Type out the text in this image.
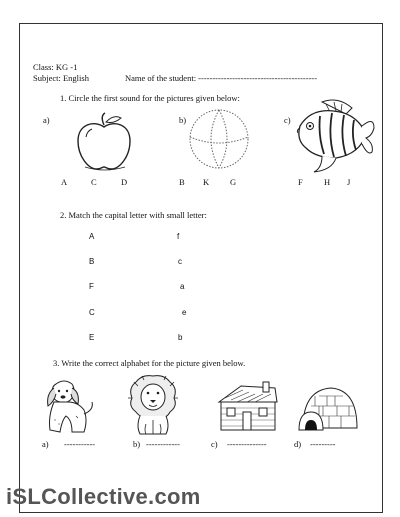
Class: KG -1
Subject: English	Name of the student: ------------------------------------------
1. Circle the first sound for the pictures given below:
a)
A	C	D
b)
B K G
c)
F	H J
2. Match the capital letter with small letter:
A
B
F
C
E
f
c
a
e
b
3. Write the correct alphabet for the picture given below.
a) -----------	b) ------------	c) --------------	d) ---------
iSLCollective.com
